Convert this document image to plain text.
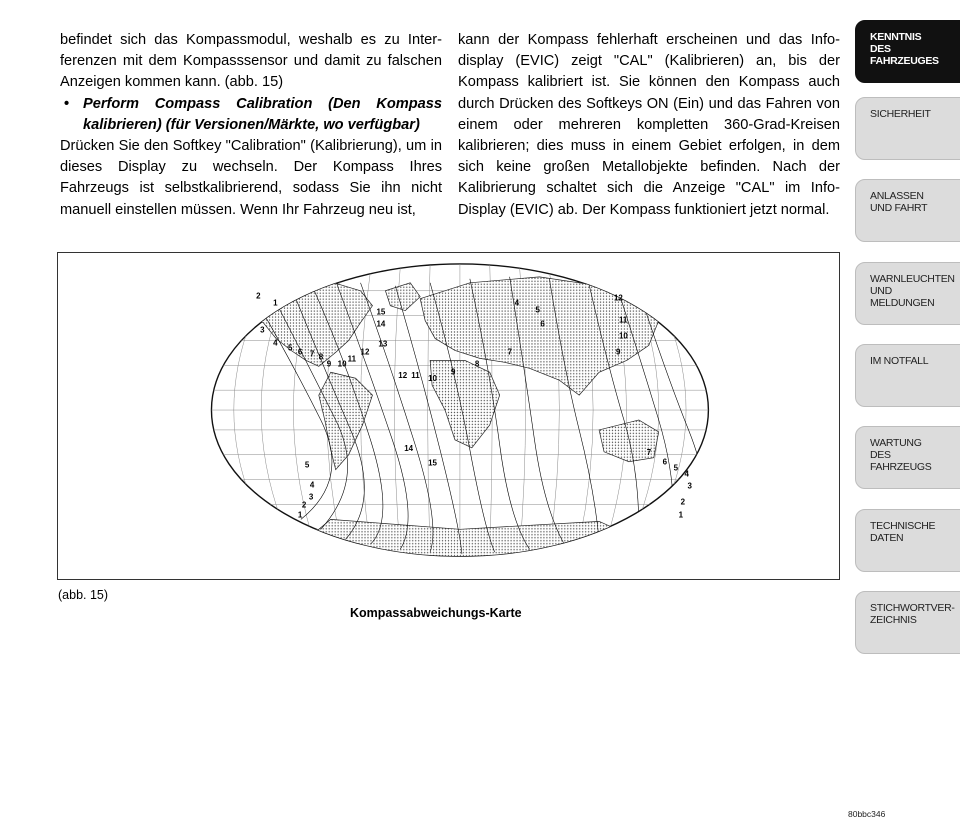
befindet sich das Kompassmodul, weshalb es zu Interferenzen mit dem Kompasssensor und damit zu falschen Anzeigen kommen kann. (abb. 15)

• Perform Compass Calibration (Den Kompass kalibrieren) (für Versionen/Märkte, wo verfügbar)

Drücken Sie den Softkey "Calibration" (Kalibrierung), um in dieses Display zu wechseln. Der Kompass Ihres Fahrzeugs ist selbstkalibrierend, sodass Sie ihn nicht manuell einstellen müssen. Wenn Ihr Fahrzeug neu ist,

kann der Kompass fehlerhaft erscheinen und das Infodisplay (EVIC) zeigt "CAL" (Kalibrieren) an, bis der Kompass kalibriert ist. Sie können den Kompass auch durch Drücken des Softkeys ON (Ein) und das Fahren von einem oder mehreren kompletten 360-Grad-Kreisen kalibrieren; dies muss in einem Gebiet erfolgen, in dem sich keine großen Metallobjekte befinden. Nach der Kalibrierung schaltet sich die Anzeige "CAL" im Info-Display (EVIC) ab. Der Kompass funktioniert jetzt normal.

1
2
3
4
5 6 7 8
9 10
11
12
13
14
15
12 11 10
9
8
7
6
5
4
12
11
10
9
14
15
5
4
3
2
1
7
6
5
4
3
2
1
80bbc346
(abb. 15)
Kompassabweichungs-Karte
KENNTNIS
DES
FAHRZEUGES
SICHERHEIT
ANLASSEN
UND FAHRT
WARNLEUCHTEN
UND
MELDUNGEN
IM NOTFALL
WARTUNG
DES
FAHRZEUGS
TECHNISCHE
DATEN
STICHWORTVER-
ZEICHNIS
